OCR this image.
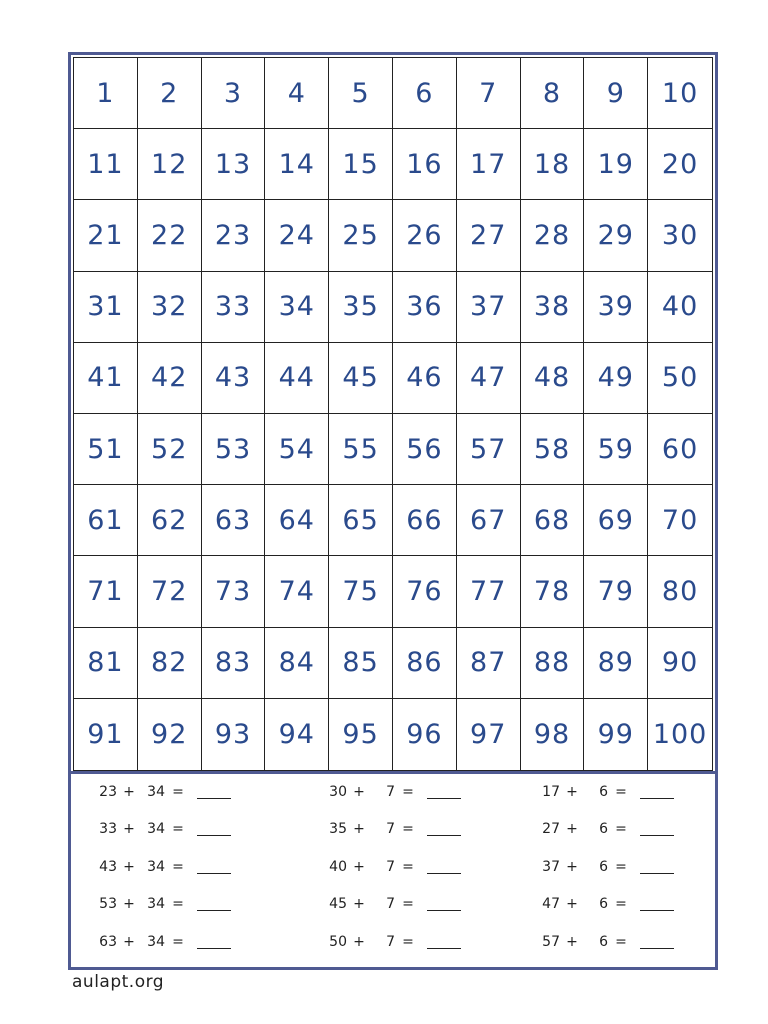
1	2	3	4	5	6	7	8	9	10
11	12	13	14	15	16	17	18	19	20
21	22	23	24	25	26	27	28	29	30
31	32	33	34	35	36	37	38	39	40
41	42	43	44	45	46	47	48	49	50
51	52	53	54	55	56	57	58	59	60
61	62	63	64	65	66	67	68	69	70
71	72	73	74	75	76	77	78	79	80
81	82	83	84	85	86	87	88	89	90
91	92	93	94	95	96	97	98	99 100
23 + 34 =
33 + 34 =
43 + 34 =
53 + 34 =
63 + 34 =
30 +	7 =
35 +	7 =
40 +	7 =
45 +	7 =
50 +	7 =
17 +	6 =
27 +	6 =
37 +	6 =
47 +	6 =
57 +	6 =
aulapt.org
